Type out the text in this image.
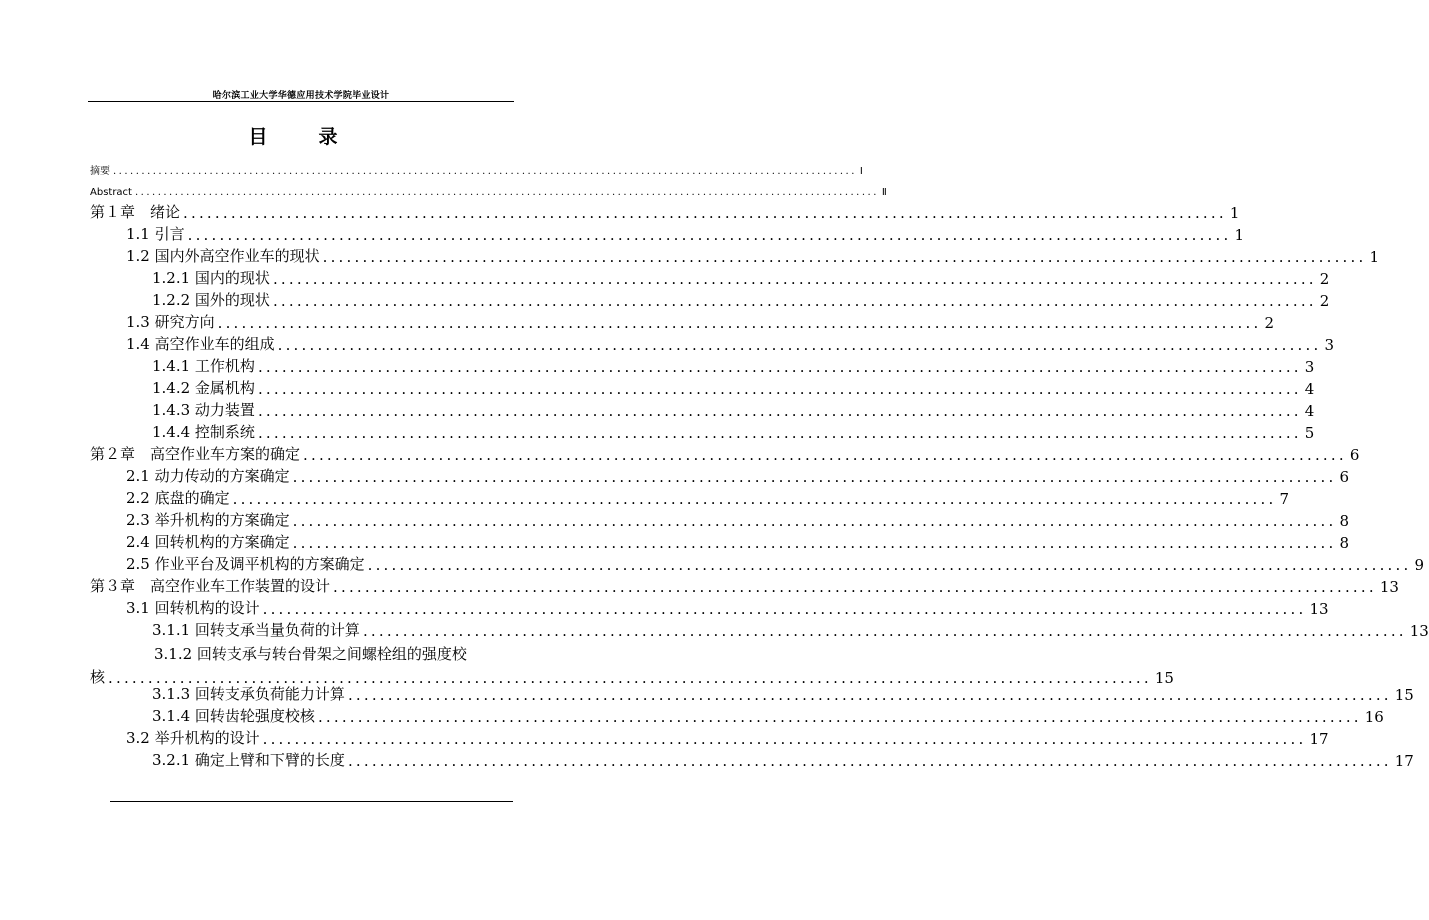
哈尔滨工业大学华德应用技术学院毕业设计
目　录
摘要 ................................................................................................................................... Ⅰ
Abstract ................................................................................................................................... Ⅱ
第１章　绪论 ................................................................................................................................... 1
1.1 引言 ................................................................................................................................... 1
1.2 国内外高空作业车的现状 ................................................................................................................................... 1
1.2.1 国内的现状 ................................................................................................................................... 2
1.2.2 国外的现状 ................................................................................................................................... 2
1.3 研究方向 ................................................................................................................................... 2
1.4 高空作业车的组成 ................................................................................................................................... 3
1.4.1 工作机构 ................................................................................................................................... 3
1.4.2 金属机构 ................................................................................................................................... 4
1.4.3 动力装置 ................................................................................................................................... 4
1.4.4 控制系统 ................................................................................................................................... 5
第２章　高空作业车方案的确定 ................................................................................................................................... 6
2.1 动力传动的方案确定 ................................................................................................................................... 6
2.2 底盘的确定 ................................................................................................................................... 7
2.3 举升机构的方案确定 ................................................................................................................................... 8
2.4 回转机构的方案确定 ................................................................................................................................... 8
2.5 作业平台及调平机构的方案确定 ................................................................................................................................... 9
第３章　高空作业车工作装置的设计 ................................................................................................................................... 13
3.1 回转机构的设计 ................................................................................................................................... 13
3.1.1 回转支承当量负荷的计算 ................................................................................................................................... 13
3.1.2 回转支承与转台骨架之间螺栓组的强度校
核 ................................................................................................................................... 15
3.1.3 回转支承负荷能力计算 ................................................................................................................................... 15
3.1.4 回转齿轮强度校核 ................................................................................................................................... 16
3.2 举升机构的设计 ................................................................................................................................... 17
3.2.1 确定上臂和下臂的长度 ................................................................................................................................... 17
